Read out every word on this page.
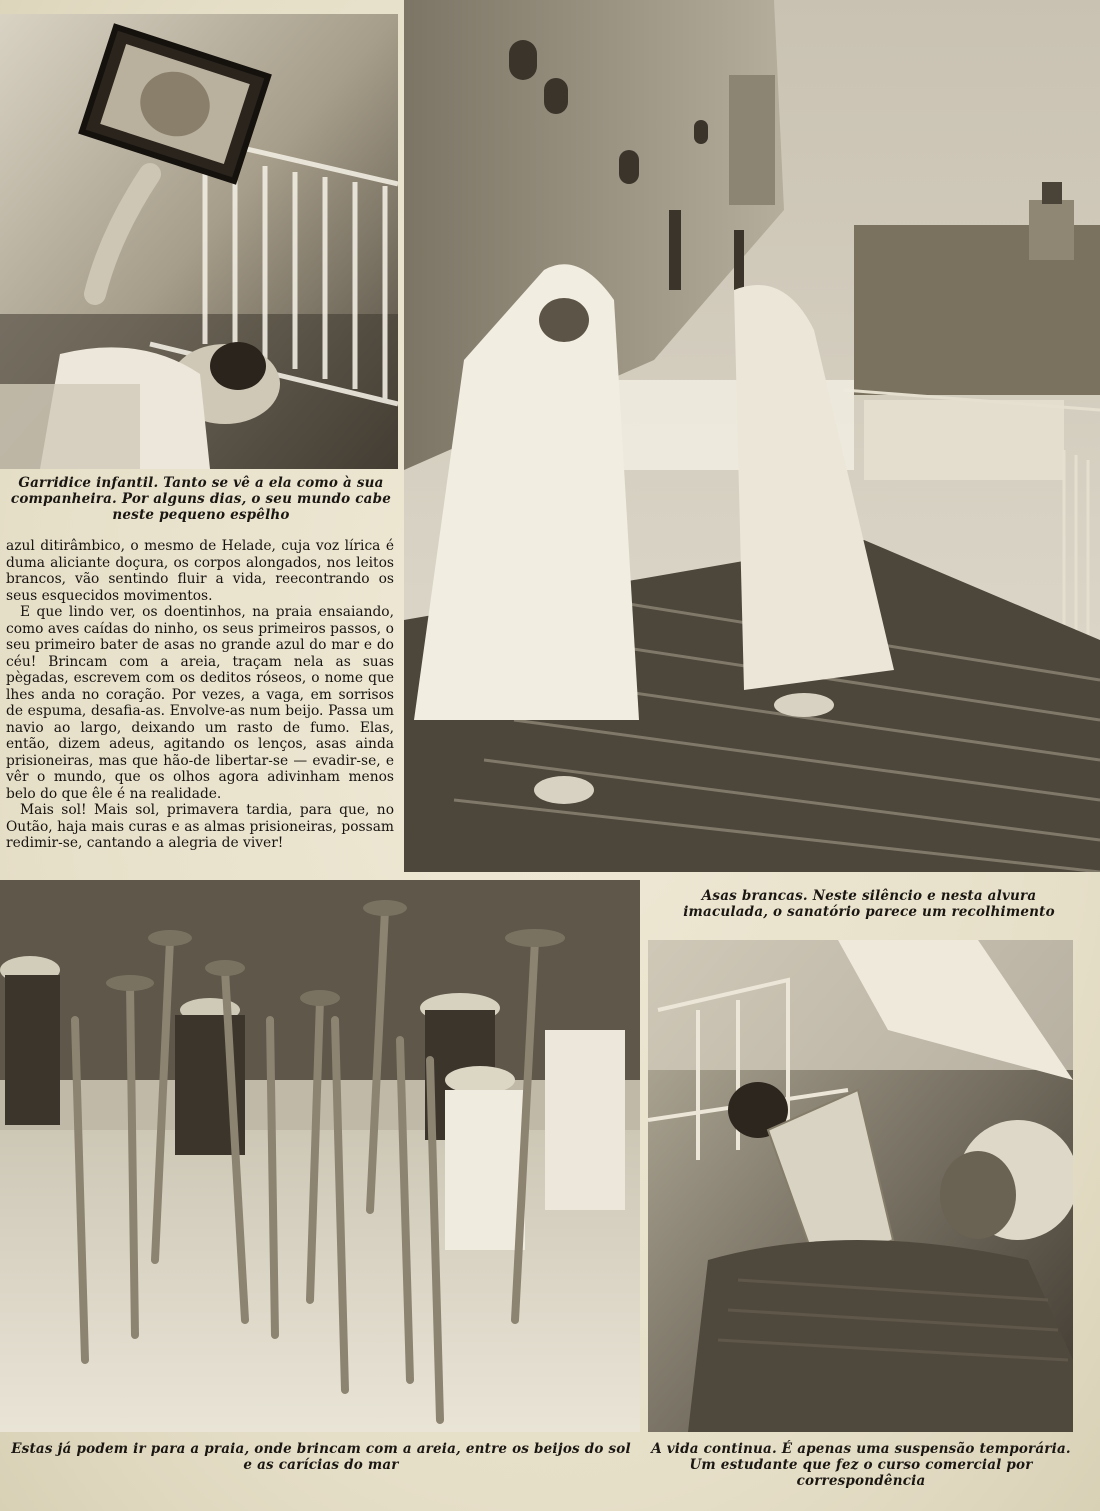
Garridice infantil. Tanto se vê a ela como à sua companheira. Por alguns dias, o seu mundo cabe neste pequeno espêlho
Asas brancas. Neste silêncio e nesta alvura imaculada, o sanatório parece um recolhimento
Estas já podem ir para a praia, onde brincam com a areia, entre os beijos do sol e as carícias do mar
A vida continua. É apenas uma suspensão temporária. Um estudante que fez o curso comercial por correspondência

azul ditirâmbico, o mesmo de Helade, cuja voz lírica é duma aliciante doçura, os corpos alongados, nos leitos brancos, vão sentindo fluir a vida, reecontrando os seus esquecidos movimentos.

E que lindo ver, os doentinhos, na praia ensaiando, como aves caídas do ninho, os seus primeiros passos, o seu primeiro bater de asas no grande azul do mar e do céu! Brincam com a areia, traçam nela as suas pègadas, escrevem com os deditos róseos, o nome que lhes anda no coração. Por vezes, a vaga, em sorrisos de espuma, desafia-as. Envolve-as num beijo. Passa um navio ao largo, deixando um rasto de fumo. Elas, então, dizem adeus, agitando os lenços, asas ainda prisioneiras, mas que hão-de libertar-se — evadir-se, e vêr o mundo, que os olhos agora adivinham menos belo do que êle é na realidade.

Mais sol! Mais sol, primavera tardia, para que, no Outão, haja mais curas e as almas prisioneiras, possam redimir-se, cantando a alegria de viver!
